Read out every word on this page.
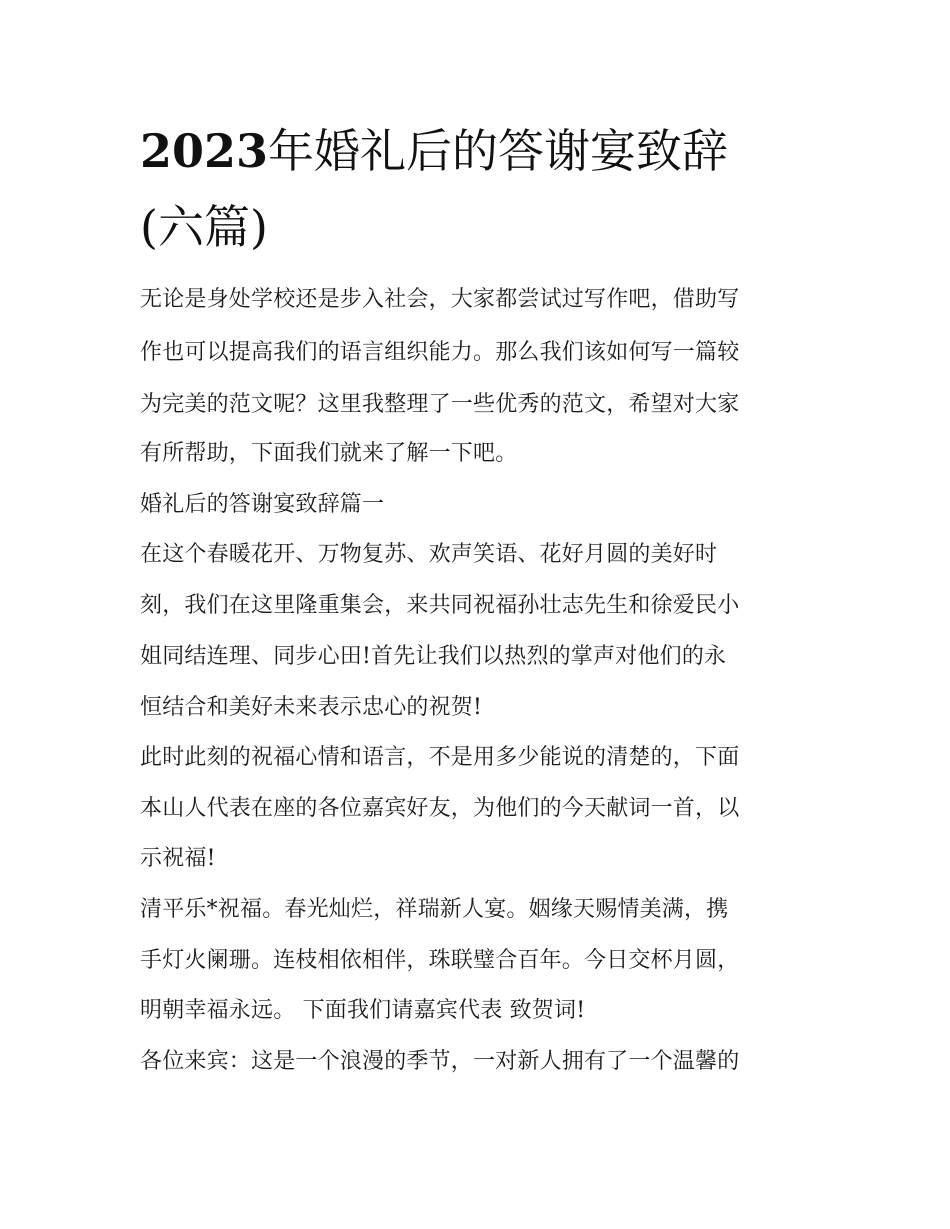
2023年婚礼后的答谢宴致辞
(六篇)
无论是身处学校还是步入社会，大家都尝试过写作吧，借助写
作也可以提高我们的语言组织能力。那么我们该如何写一篇较
为完美的范文呢？这里我整理了一些优秀的范文，希望对大家
有所帮助，下面我们就来了解一下吧。
婚礼后的答谢宴致辞篇一
在这个春暖花开、万物复苏、欢声笑语、花好月圆的美好时
刻，我们在这里隆重集会，来共同祝福孙壮志先生和徐爱民小
姐同结连理、同步心田!首先让我们以热烈的掌声对他们的永
恒结合和美好未来表示忠心的祝贺!
此时此刻的祝福心情和语言，不是用多少能说的清楚的，下面
本山人代表在座的各位嘉宾好友，为他们的今天献词一首，以
示祝福!
清平乐*祝福。春光灿烂，祥瑞新人宴。姻缘天赐情美满，携
手灯火阑珊。连枝相依相伴，珠联璧合百年。今日交杯月圆，
明朝幸福永远。 下面我们请嘉宾代表 致贺词!
各位来宾：这是一个浪漫的季节，一对新人拥有了一个温馨的
